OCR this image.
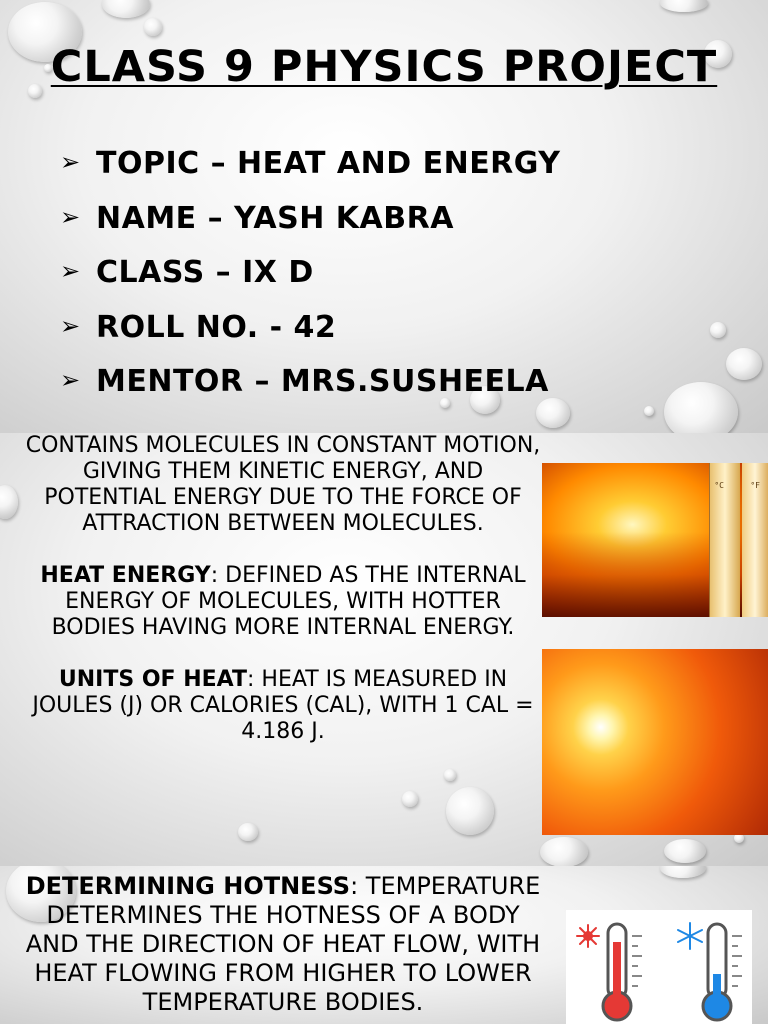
CLASS 9 PHYSICS PROJECT
➢ TOPIC – HEAT AND ENERGY
➢ NAME – YASH KABRA
➢ CLASS – IX D
➢ ROLL NO. - 42
➢ MENTOR – MRS.SUSHEELA

CONTAINS MOLECULES IN CONSTANT MOTION, GIVING THEM KINETIC ENERGY, AND POTENTIAL ENERGY DUE TO THE FORCE OF ATTRACTION BETWEEN MOLECULES.

HEAT ENERGY: DEFINED AS THE INTERNAL ENERGY OF MOLECULES, WITH HOTTER BODIES HAVING MORE INTERNAL ENERGY.

UNITS OF HEAT: HEAT IS MEASURED IN JOULES (J) OR CALORIES (CAL), WITH 1 CAL = 4.186 J.

°C	°F
DETERMINING HOTNESS: TEMPERATURE DETERMINES THE HOTNESS OF A BODY AND THE DIRECTION OF HEAT FLOW, WITH HEAT FLOWING FROM HIGHER TO LOWER TEMPERATURE BODIES.
